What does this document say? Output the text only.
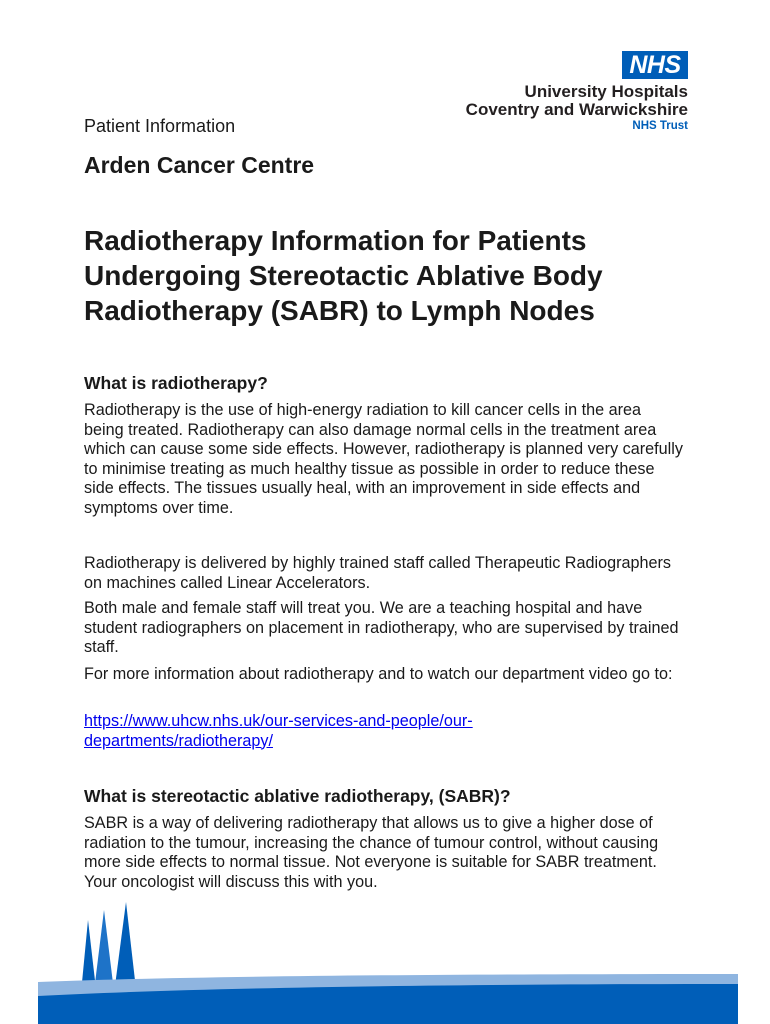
NHS
University Hospitals
Coventry and Warwickshire
NHS Trust
Patient Information
Arden Cancer Centre
Radiotherapy Information for Patients
Undergoing Stereotactic Ablative Body
Radiotherapy (SABR) to Lymph Nodes
What is radiotherapy?

Radiotherapy is the use of high-energy radiation to kill cancer cells in the area being treated. Radiotherapy can also damage normal cells in the treatment area which can cause some side effects. However, radiotherapy is planned very carefully to minimise treating as much healthy tissue as possible in order to reduce these side effects. The tissues usually heal, with an improvement in side effects and symptoms over time.

Radiotherapy is delivered by highly trained staff called Therapeutic Radiographers on machines called Linear Accelerators.

Both male and female staff will treat you. We are a teaching hospital and have student radiographers on placement in radiotherapy, who are supervised by trained staff.

For more information about radiotherapy and to watch our department video go to:

https://www.uhcw.nhs.uk/our-services-and-people/our-departments/radiotherapy/
What is stereotactic ablative radiotherapy, (SABR)?

SABR is a way of delivering radiotherapy that allows us to give a higher dose of radiation to the tumour, increasing the chance of tumour control, without causing more side effects to normal tissue. Not everyone is suitable for SABR treatment. Your oncologist will discuss this with you.
